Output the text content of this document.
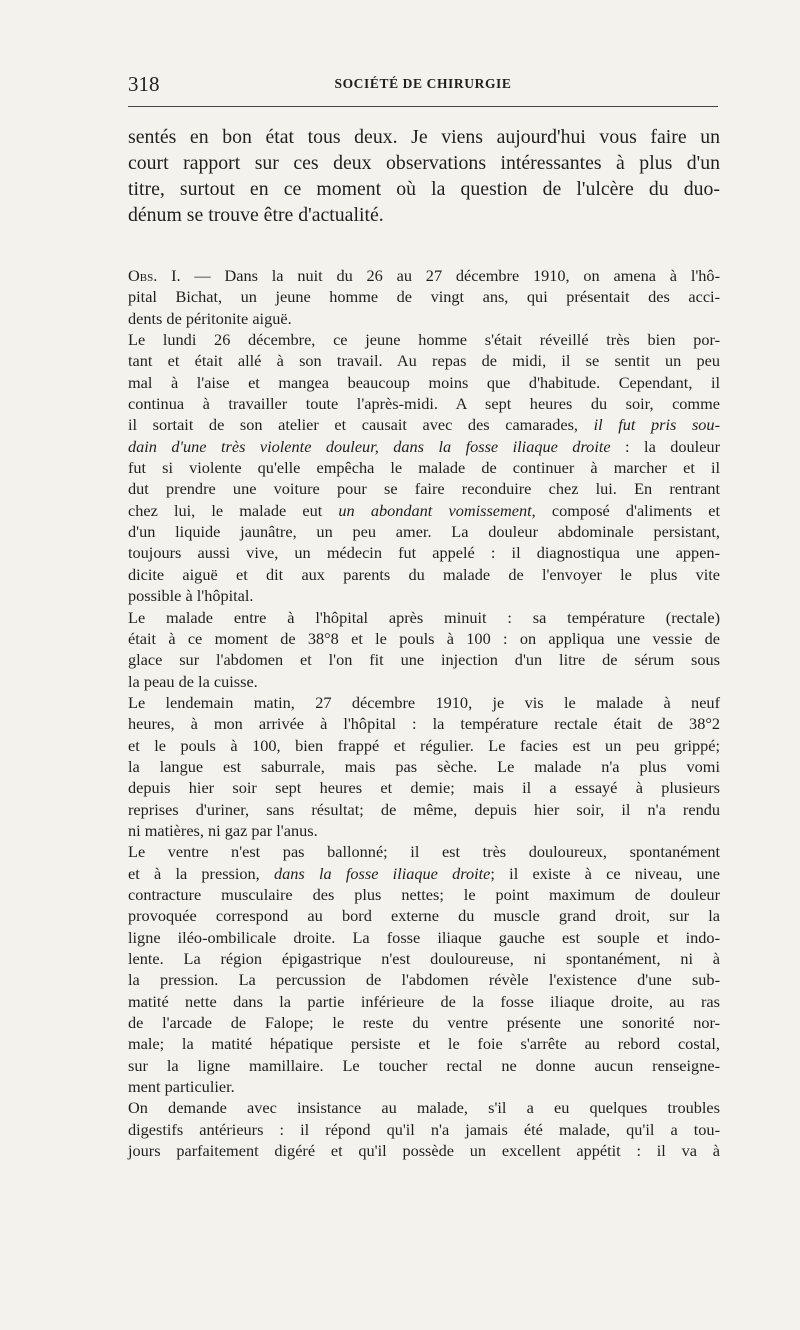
318	SOCIÉTÉ DE CHIRURGIE
sentés en bon état tous deux. Je viens aujourd'hui vous faire un
court rapport sur ces deux observations intéressantes à plus d'un
titre, surtout en ce moment où la question de l'ulcère du duo-
dénum se trouve être d'actualité.
Obs. I. — Dans la nuit du 26 au 27 décembre 1910, on amena à l'hô-
pital Bichat, un jeune homme de vingt ans, qui présentait des acci-
dents de péritonite aiguë.
Le lundi 26 décembre, ce jeune homme s'était réveillé très bien por-
tant et était allé à son travail. Au repas de midi, il se sentit un peu
mal à l'aise et mangea beaucoup moins que d'habitude. Cependant, il
continua à travailler toute l'après-midi. A sept heures du soir, comme
il sortait de son atelier et causait avec des camarades, il fut pris sou-
dain d'une très violente douleur, dans la fosse iliaque droite : la douleur
fut si violente qu'elle empêcha le malade de continuer à marcher et il
dut prendre une voiture pour se faire reconduire chez lui. En rentrant
chez lui, le malade eut un abondant vomissement, composé d'aliments et
d'un liquide jaunâtre, un peu amer. La douleur abdominale persistant,
toujours aussi vive, un médecin fut appelé : il diagnostiqua une appen-
dicite aiguë et dit aux parents du malade de l'envoyer le plus vite
possible à l'hôpital.
Le malade entre à l'hôpital après minuit : sa température (rectale)
était à ce moment de 38°8 et le pouls à 100 : on appliqua une vessie de
glace sur l'abdomen et l'on fit une injection d'un litre de sérum sous
la peau de la cuisse.
Le lendemain matin, 27 décembre 1910, je vis le malade à neuf
heures, à mon arrivée à l'hôpital : la température rectale était de 38°2
et le pouls à 100, bien frappé et régulier. Le facies est un peu grippé;
la langue est saburrale, mais pas sèche. Le malade n'a plus vomi
depuis hier soir sept heures et demie; mais il a essayé à plusieurs
reprises d'uriner, sans résultat; de même, depuis hier soir, il n'a rendu
ni matières, ni gaz par l'anus.
Le ventre n'est pas ballonné; il est très douloureux, spontanément
et à la pression, dans la fosse iliaque droite; il existe à ce niveau, une
contracture musculaire des plus nettes; le point maximum de douleur
provoquée correspond au bord externe du muscle grand droit, sur la
ligne iléo-ombilicale droite. La fosse iliaque gauche est souple et indo-
lente. La région épigastrique n'est douloureuse, ni spontanément, ni à
la pression. La percussion de l'abdomen révèle l'existence d'une sub-
matité nette dans la partie inférieure de la fosse iliaque droite, au ras
de l'arcade de Falope; le reste du ventre présente une sonorité nor-
male; la matité hépatique persiste et le foie s'arrête au rebord costal,
sur la ligne mamillaire. Le toucher rectal ne donne aucun renseigne-
ment particulier.
On demande avec insistance au malade, s'il a eu quelques troubles
digestifs antérieurs : il répond qu'il n'a jamais été malade, qu'il a tou-
jours parfaitement digéré et qu'il possède un excellent appétit : il va à
